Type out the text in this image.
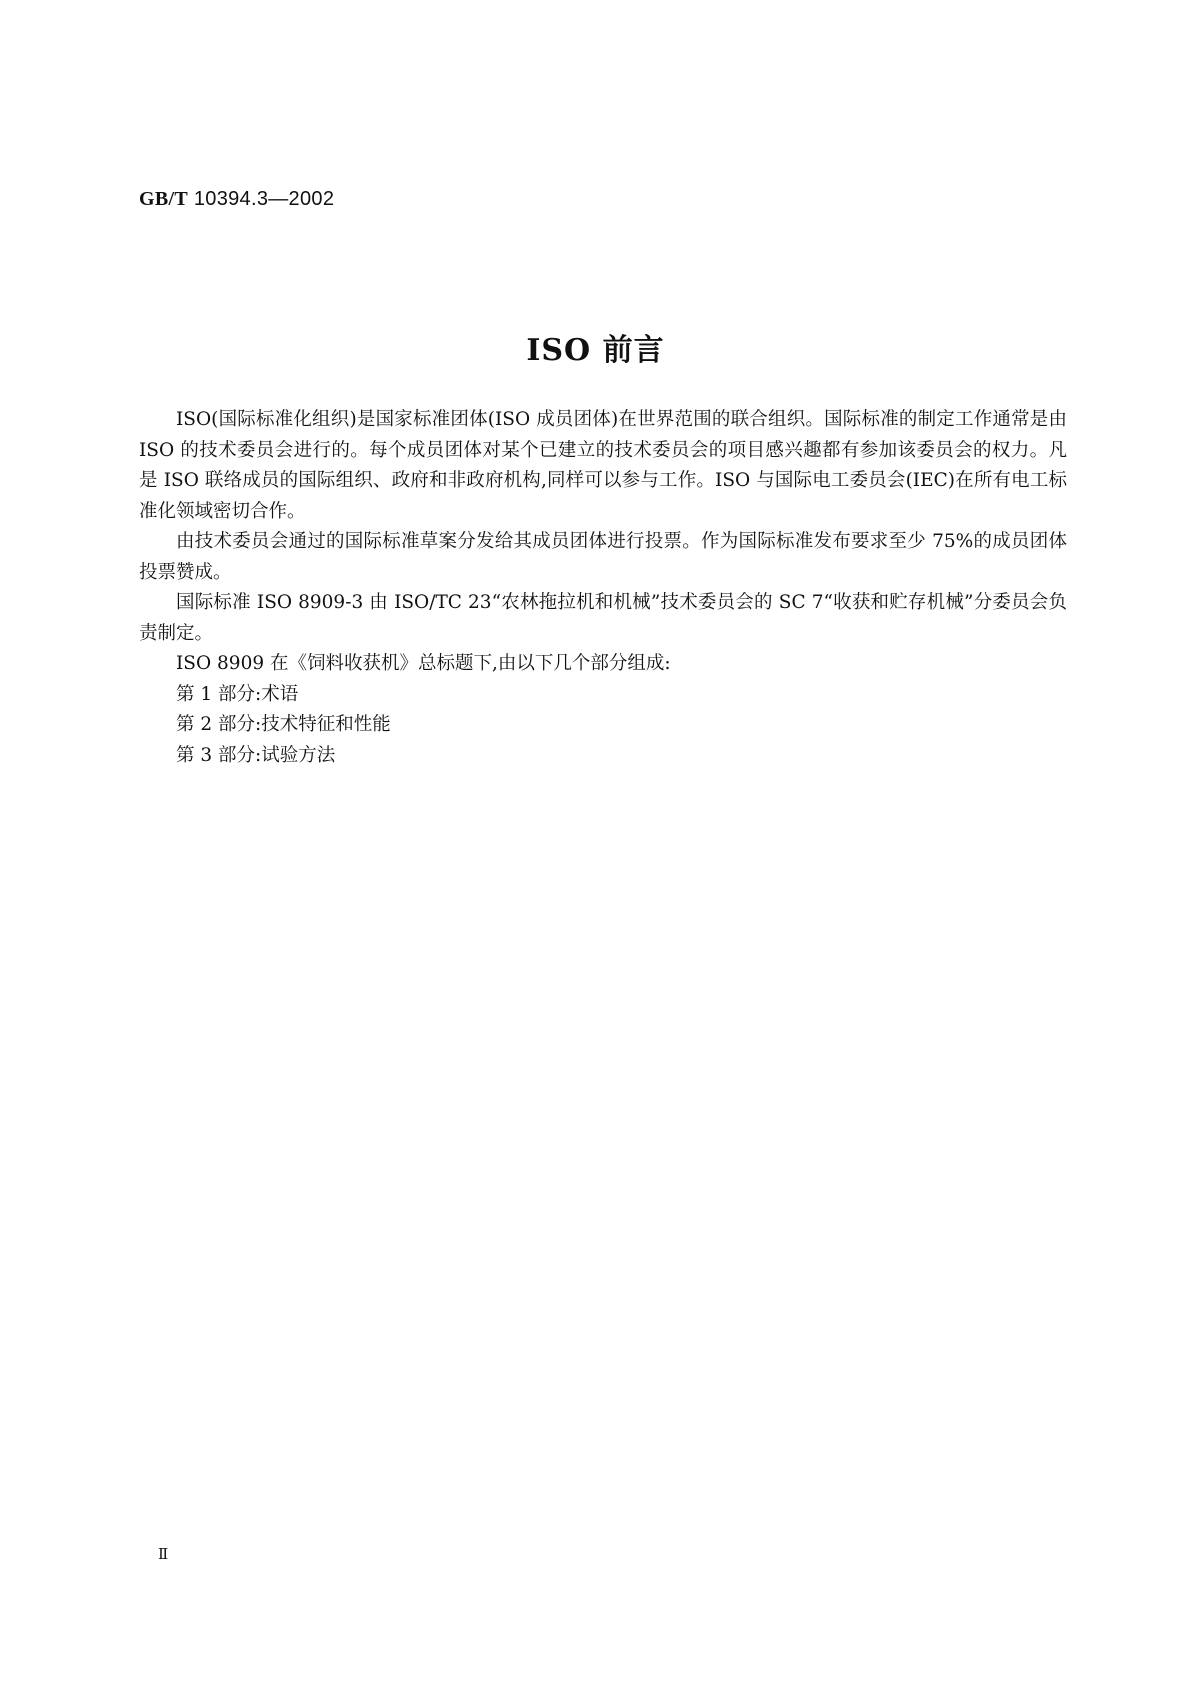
GB/T 10394.3—2002
ISO 前言

ISO(国际标准化组织)是国家标准团体(ISO 成员团体)在世界范围的联合组织。国际标准的制定工作通常是由 ISO 的技术委员会进行的。每个成员团体对某个已建立的技术委员会的项目感兴趣都有参加该委员会的权力。凡是 ISO 联络成员的国际组织、政府和非政府机构,同样可以参与工作。ISO 与国际电工委员会(IEC)在所有电工标准化领域密切合作。

由技术委员会通过的国际标准草案分发给其成员团体进行投票。作为国际标准发布要求至少 75%的成员团体投票赞成。

国际标准 ISO 8909-3 由 ISO/TC 23“农林拖拉机和机械”技术委员会的 SC 7“收获和贮存机械”分委员会负责制定。

ISO 8909 在《饲料收获机》总标题下,由以下几个部分组成:

第 1 部分:术语
第 2 部分:技术特征和性能
第 3 部分:试验方法
Ⅱ
